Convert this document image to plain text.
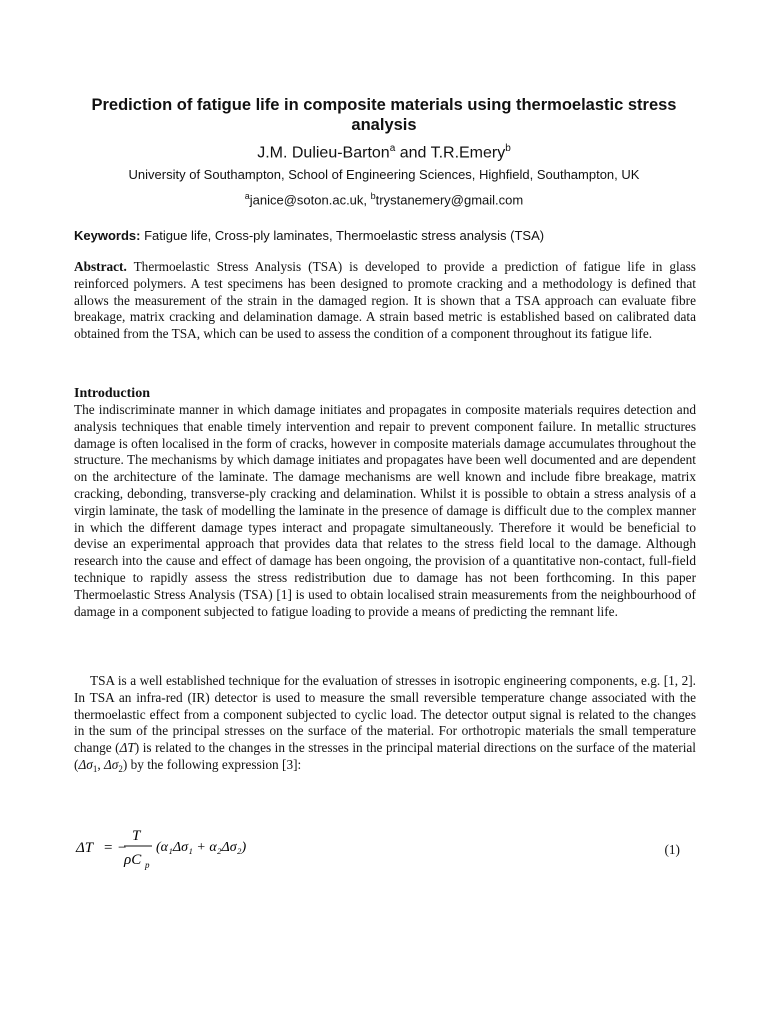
Prediction of fatigue life in composite materials using thermoelastic stress analysis
J.M. Dulieu-Barton$^a$ and T.R.Emery$^b$
University of Southampton, School of Engineering Sciences, Highfield, Southampton, UK
$^a$janice@soton.ac.uk, $^b$trystanemery@gmail.com
Keywords: Fatigue life, Cross-ply laminates, Thermoelastic stress analysis (TSA)
Abstract. Thermoelastic Stress Analysis (TSA) is developed to provide a prediction of fatigue life in glass reinforced polymers. A test specimens has been designed to promote cracking and a methodology is defined that allows the measurement of the strain in the damaged region. It is shown that a TSA approach can evaluate fibre breakage, matrix cracking and delamination damage. A strain based metric is established based on calibrated data obtained from the TSA, which can be used to assess the condition of a component throughout its fatigue life.
Introduction
The indiscriminate manner in which damage initiates and propagates in composite materials requires detection and analysis techniques that enable timely intervention and repair to prevent component failure. In metallic structures damage is often localised in the form of cracks, however in composite materials damage accumulates throughout the structure. The mechanisms by which damage initiates and propagates have been well documented and are dependent on the architecture of the laminate. The damage mechanisms are well known and include fibre breakage, matrix cracking, debonding, transverse-ply cracking and delamination. Whilst it is possible to obtain a stress analysis of a virgin laminate, the task of modelling the laminate in the presence of damage is difficult due to the complex manner in which the different damage types interact and propagate simultaneously. Therefore it would be beneficial to devise an experimental approach that provides data that relates to the stress field local to the damage. Although research into the cause and effect of damage has been ongoing, the provision of a quantitative non-contact, full-field technique to rapidly assess the stress redistribution due to damage has not been forthcoming. In this paper Thermoelastic Stress Analysis (TSA) [1] is used to obtain localised strain measurements from the neighbourhood of damage in a component subjected to fatigue loading to provide a means of predicting the remnant life.
TSA is a well established technique for the evaluation of stresses in isotropic engineering components, e.g. [1, 2]. In TSA an infra-red (IR) detector is used to measure the small reversible temperature change associated with the thermoelastic effect from a component subjected to cyclic load. The detector output signal is related to the changes in the sum of the principal stresses on the surface of the material. For orthotropic materials the small temperature change (ΔT) is related to the changes in the stresses in the principal material directions on the surface of the material ($\Delta\sigma_1$, $\Delta\sigma_2$) by the following expression [3]:
ΔT = −
T
ρC p
(α₁Δσ₁ + α₂Δσ₂)	(1)
